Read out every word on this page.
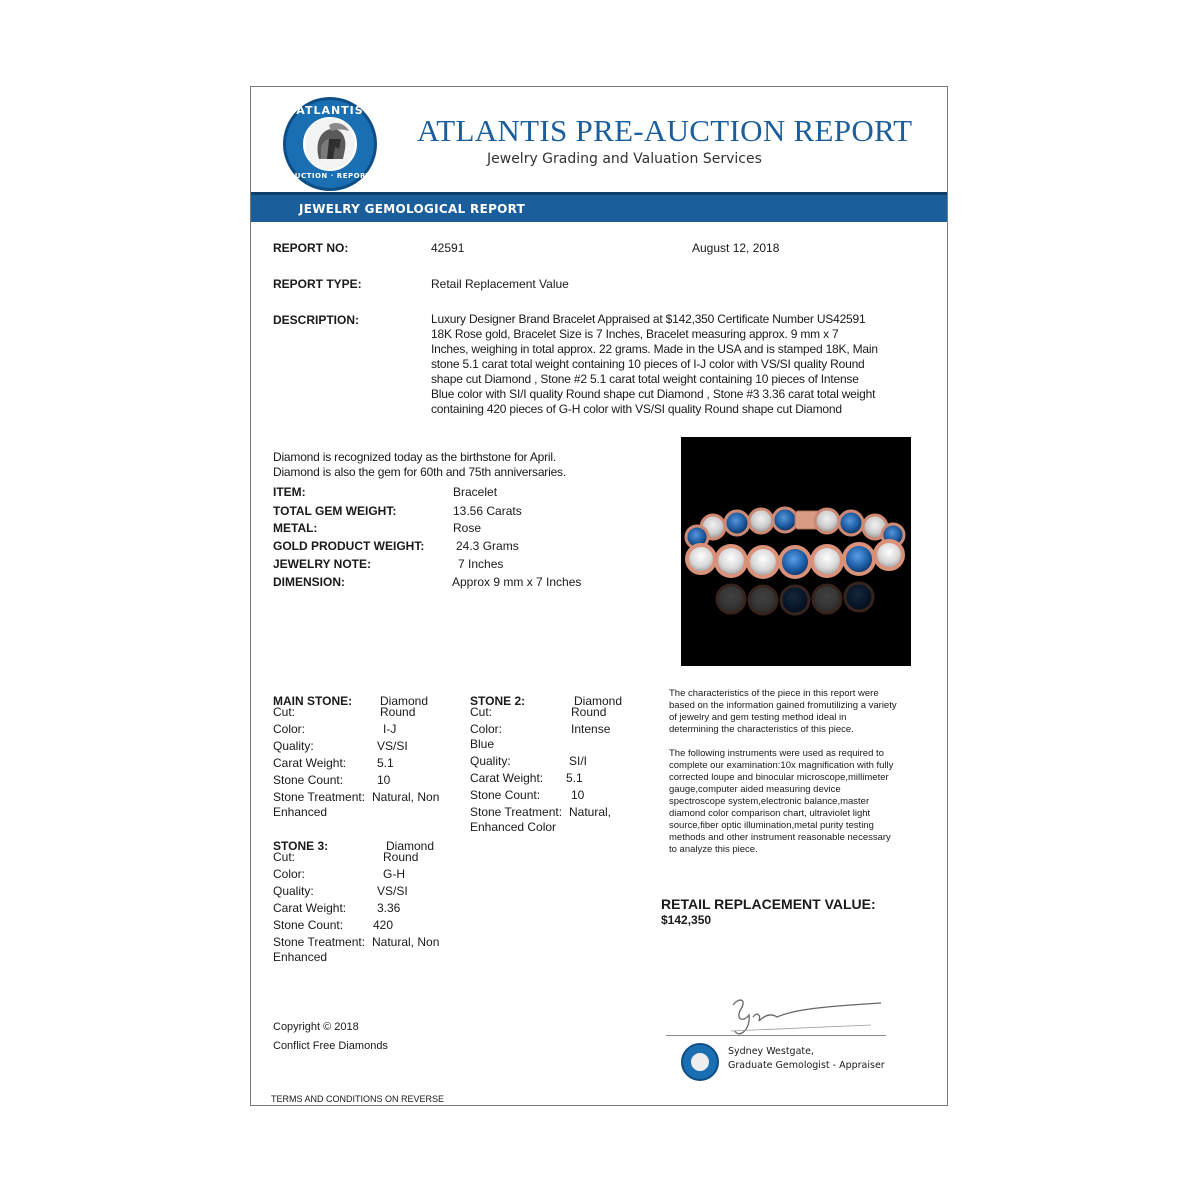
ATLANTIS
AUCTION · REPORT
ATLANTIS PRE-AUCTION REPORT
Jewelry Grading and Valuation Services
JEWELRY GEMOLOGICAL REPORT
REPORT NO:	42591	August 12, 2018
REPORT TYPE:	Retail Replacement Value
DESCRIPTION:	Luxury Designer Brand Bracelet Appraised at $142,350 Certificate Number US42591
18K Rose gold, Bracelet Size is 7 Inches, Bracelet measuring approx. 9 mm x 7
Inches, weighing in total approx. 22 grams. Made in the USA and is stamped 18K, Main
stone 5.1 carat total weight containing 10 pieces of I-J color with VS/SI quality Round
shape cut Diamond , Stone #2 5.1 carat total weight containing 10 pieces of Intense
Blue color with SI/I quality Round shape cut Diamond , Stone #3 3.36 carat total weight
containing 420 pieces of G-H color with VS/SI quality Round shape cut Diamond
Diamond is recognized today as the birthstone for April.
Diamond is also the gem for 60th and 75th anniversaries.
ITEM:	Bracelet
TOTAL GEM WEIGHT:	13.56 Carats
METAL:	Rose
GOLD PRODUCT WEIGHT:	24.3 Grams
JEWELRY NOTE:	7 Inches
DIMENSION:	Approx 9 mm x 7 Inches
MAIN STONE: Diamond
Cut:	Round
Color:	I-J
Quality:	VS/SI
Carat Weight:	5.1
Stone Count:	10
Stone Treatment: Natural, Non
Enhanced
STONE 2:	Diamond
Cut:	Round
Color:	Intense
Blue
Quality:	SI/I
Carat Weight: 5.1
Stone Count:	10
Stone Treatment: Natural,
Enhanced Color
STONE 3:	Diamond
Cut:	Round
Color:	G-H
Quality:	VS/SI
Carat Weight:	3.36
Stone Count: 420
Stone Treatment: Natural, Non
Enhanced
The characteristics of the piece in this report were
based on the information gained fromutilizing a variety
of jewelry and gem testing method ideal in
determining the characteristics of this piece.
The following instruments were used as required to
complete our examination:10x magnification with fully
corrected loupe and binocular microscope,millimeter
gauge,computer aided measuring device
spectroscope system,electronic balance,master
diamond color comparison chart, ultraviolet light
source,fiber optic illumination,metal purity testing
methods and other instrument reasonable necessary
to analyze this piece.
RETAIL REPLACEMENT VALUE:
$142,350
Copyright © 2018
Conflict Free Diamonds
TERMS AND CONDITIONS ON REVERSE
Sydney Westgate,
Graduate Gemologist - Appraiser
